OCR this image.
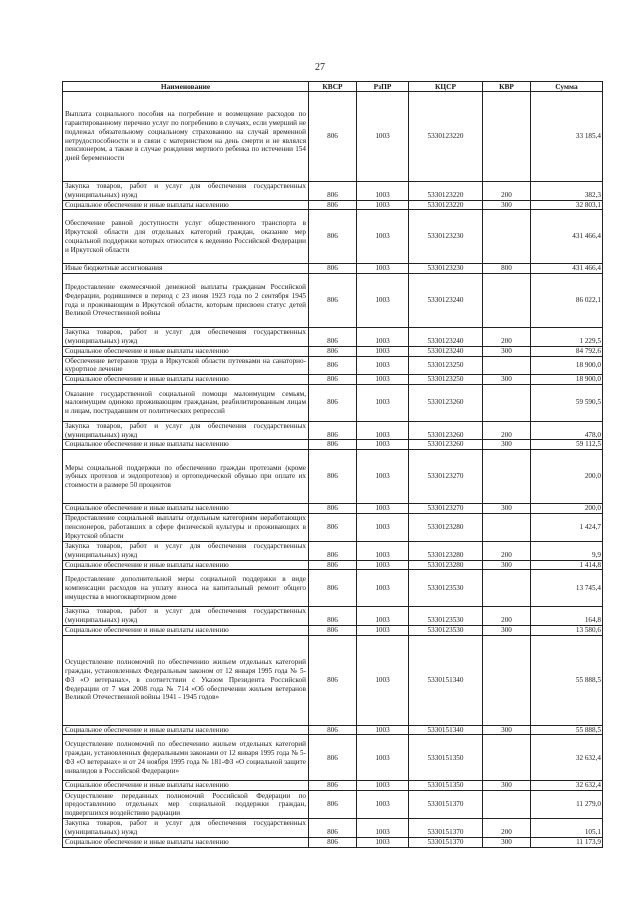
27
Наименование	КВСР	РзПР	КЦСР	КВР	Сумма
Выплата социального пособия на погребение и возмещение расходов по гарантированному перечню услуг по погребению в случаях, если умерший не подлежал обязательному социальному страхованию на случай временной нетрудоспособности и в связи с материнством на день смерти и не являлся пенсионером, а также в случае рождения мертвого ребенка по истечении 154 дней беременности	806	1003	5330123220		33 185,4
Закупка товаров, работ и услуг для обеспечения государственных (муниципальных) нужд	806	1003	5330123220	200	382,3
Социальное обеспечение и иные выплаты населению	806	1003	5330123220	300	32 803,1
Обеспечение равной доступности услуг общественного транспорта в Иркутской области для отдельных категорий граждан, оказание мер социальной поддержки которых относится к ведению Российской Федерации и Иркутской области	806	1003	5330123230		431 466,4
Иные бюджетные ассигнования	806	1003	5330123230	800	431 466,4
Предоставление ежемесячной денежной выплаты гражданам Российской Федерации, родившимся в период с 23 июня 1923 года по 2 сентября 1945 года и проживающим в Иркутской области, которым присвоен статус детей Великой Отечественной войны	806	1003	5330123240		86 022,1
Закупка товаров, работ и услуг для обеспечения государственных (муниципальных) нужд	806	1003	5330123240	200	1 229,5
Социальное обеспечение и иные выплаты населению	806	1003	5330123240	300	84 792,6
Обеспечение ветеранов труда в Иркутской области путевками на санаторно-курортное лечение	806	1003	5330123250		18 900,0
Социальное обеспечение и иные выплаты населению	806	1003	5330123250	300	18 900,0
Оказание государственной социальной помощи малоимущим семьям, малоимущим одиноко проживающим гражданам, реабилитированным лицам и лицам, пострадавшим от политических репрессий	806	1003	5330123260		59 590,5
Закупка товаров, работ и услуг для обеспечения государственных (муниципальных) нужд	806	1003	5330123260	200	478,0
Социальное обеспечение и иные выплаты населению	806	1003	5330123260	300	59 112,5
Меры социальной поддержки по обеспечению граждан протезами (кроме зубных протезов и эндопротезов) и ортопедической обувью при оплате их стоимости в размере 50 процентов	806	1003	5330123270		200,0
Социальное обеспечение и иные выплаты населению	806	1003	5330123270	300	200,0
Предоставление социальной выплаты отдельным категориям неработающих пенсионеров, работавших в сфере физической культуры и проживающих в Иркутской области	806	1003	5330123280		1 424,7
Закупка товаров, работ и услуг для обеспечения государственных (муниципальных) нужд	806	1003	5330123280	200	9,9
Социальное обеспечение и иные выплаты населению	806	1003	5330123280	300	1 414,8
Предоставление дополнительной меры социальной поддержки в виде компенсации расходов на уплату взноса на капитальный ремонт общего имущества в многоквартирном доме	806	1003	5330123530		13 745,4
Закупка товаров, работ и услуг для обеспечения государственных (муниципальных) нужд	806	1003	5330123530	200	164,8
Социальное обеспечение и иные выплаты населению	806	1003	5330123530	300	13 580,6
Осуществление полномочий по обеспечению жильем отдельных категорий граждан, установленных Федеральным законом от 12 января 1995 года № 5-ФЗ «О ветеранах», в соответствии с Указом Президента Российской Федерации от 7 мая 2008 года № 714 «Об обеспечении жильем ветеранов Великой Отечественной войны 1941 - 1945 годов»	806	1003	5330151340		55 888,5
Социальное обеспечение и иные выплаты населению	806	1003	5330151340	300	55 888,5
Осуществление полномочий по обеспечению жильем отдельных категорий граждан, установленных федеральными законами от 12 января 1995 года № 5-ФЗ «О ветеранах» и от 24 ноября 1995 года № 181-ФЗ «О социальной защите инвалидов в Российской Федерации»	806	1003	5330151350		32 632,4
Социальное обеспечение и иные выплаты населению	806	1003	5330151350	300	32 632,4
Осуществление переданных полномочий Российской Федерации по предоставлению отдельных мер социальной поддержки граждан, подвергшихся воздействию радиации	806	1003	5330151370		11 279,0
Закупка товаров, работ и услуг для обеспечения государственных (муниципальных) нужд	806	1003	5330151370	200	105,1
Социальное обеспечение и иные выплаты населению	806	1003	5330151370	300	11 173,9
